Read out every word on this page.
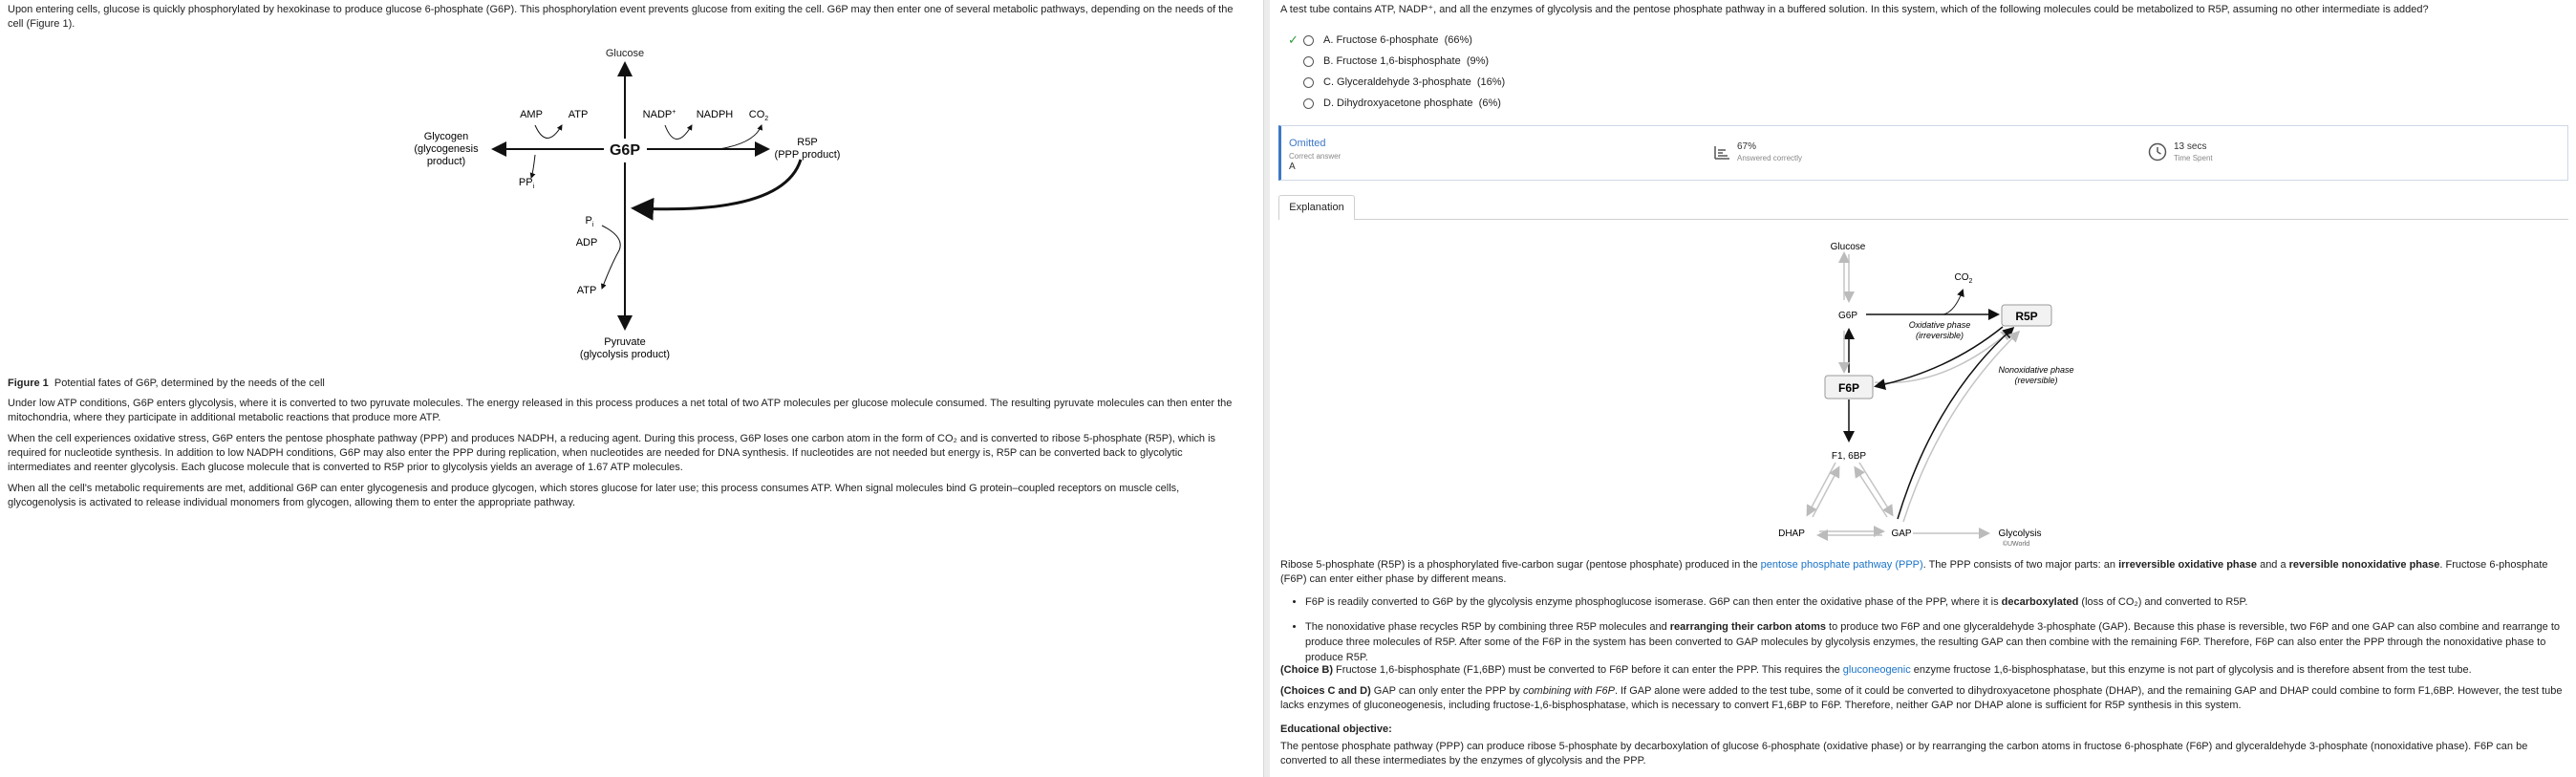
Upon entering cells, glucose is quickly phosphorylated by hexokinase to produce glucose 6-phosphate (G6P). This phosphorylation event prevents glucose from exiting the cell. G6P may then enter one of several metabolic pathways, depending on the needs of the cell (Figure 1).

Glucose
G6P
AMP ATP	NADP+ NADPH $CO_2$
$PP_i$
Glycogen
(glycogenesis
product)
R5P
(PPP product)
$P_i$
ADP
ATP
Pyruvate
(glycolysis product)

Figure 1 Potential fates of G6P, determined by the needs of the cell

Under low ATP conditions, G6P enters glycolysis, where it is converted to two pyruvate molecules. The energy released in this process produces a net total of two ATP molecules per glucose molecule consumed. The resulting pyruvate molecules can then enter the mitochondria, where they participate in additional metabolic reactions that produce more ATP.

When the cell experiences oxidative stress, G6P enters the pentose phosphate pathway (PPP) and produces NADPH, a reducing agent. During this process, G6P loses one carbon atom in the form of CO₂ and is converted to ribose 5-phosphate (R5P), which is required for nucleotide synthesis. In addition to low NADPH conditions, G6P may also enter the PPP during replication, when nucleotides are needed for DNA synthesis. If nucleotides are not needed but energy is, R5P can be converted back to glycolytic intermediates and reenter glycolysis. Each glucose molecule that is converted to R5P prior to glycolysis yields an average of 1.67 ATP molecules.

When all the cell's metabolic requirements are met, additional G6P can enter glycogenesis and produce glycogen, which stores glucose for later use; this process consumes ATP. When signal molecules bind G protein–coupled receptors on muscle cells, glycogenolysis is activated to release individual monomers from glycogen, allowing them to enter the appropriate pathway.

A test tube contains ATP, NADP⁺, and all the enzymes of glycolysis and the pentose phosphate pathway in a buffered solution. In this system, which of the following molecules could be metabolized to R5P, assuming no other intermediate is added?

✓ A. Fructose 6-phosphate
(66%)
B. Fructose 1,6-bisphosphate
(9%)
C. Glyceraldehyde 3-phosphate
(16%)
D. Dihydroxyacetone phosphate
(6%)
Omitted
Correct answer
A
67%
Answered correctly
13 secs
Time Spent
Explanation
Glucose
$CO_2$
G6P	R5P
Oxidative phase
(irreversible)
Nonoxidative phase
(reversible)
F6P
F1, 6BP
DHAP	GAP	Glycolysis
©UWorld

Ribose 5-phosphate (R5P) is a phosphorylated five-carbon sugar (pentose phosphate) produced in the pentose phosphate pathway (PPP). The PPP consists of two major parts: an irreversible oxidative phase and a reversible nonoxidative phase. Fructose 6-phosphate (F6P) can enter either phase by different means.

• F6P is readily converted to G6P by the glycolysis enzyme phosphoglucose isomerase. G6P can then enter the oxidative phase of the PPP, where it is decarboxylated (loss of CO₂) and converted to R5P.
• The nonoxidative phase recycles R5P by combining three R5P molecules and rearranging their carbon atoms to produce two F6P and one glyceraldehyde 3-phosphate (GAP). Because this phase is reversible, two F6P and one GAP can also combine and rearrange to produce three molecules of R5P. After some of the F6P in the system has been converted to GAP molecules by glycolysis enzymes, the resulting GAP can then combine with the remaining F6P. Therefore, F6P can also enter the PPP through the nonoxidative phase to produce R5P.

(Choice B) Fructose 1,6-bisphosphate (F1,6BP) must be converted to F6P before it can enter the PPP. This requires the gluconeogenic enzyme fructose 1,6-bisphosphatase, but this enzyme is not part of glycolysis and is therefore absent from the test tube.

(Choices C and D) GAP can only enter the PPP by combining with F6P. If GAP alone were added to the test tube, some of it could be converted to dihydroxyacetone phosphate (DHAP), and the remaining GAP and DHAP could combine to form F1,6BP. However, the test tube lacks enzymes of gluconeogenesis, including fructose-1,6-bisphosphatase, which is necessary to convert F1,6BP to F6P. Therefore, neither GAP nor DHAP alone is sufficient for R5P synthesis in this system.

Educational objective:

The pentose phosphate pathway (PPP) can produce ribose 5-phosphate by decarboxylation of glucose 6-phosphate (oxidative phase) or by rearranging the carbon atoms in fructose 6-phosphate (F6P) and glyceraldehyde 3-phosphate (nonoxidative phase). F6P can be converted to all these intermediates by the enzymes of glycolysis and the PPP.
